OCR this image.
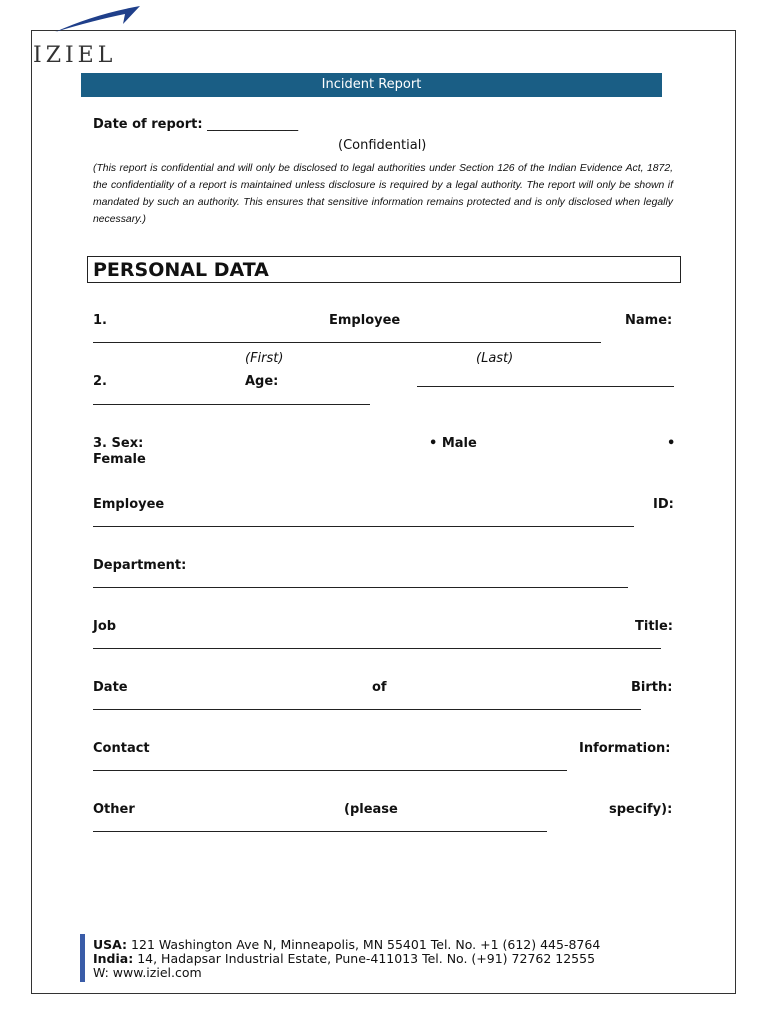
IZIEL
Incident Report
Date of report: ______________
(Confidential)
(This report is confidential and will only be disclosed to legal authorities under Section 126 of the Indian Evidence Act, 1872, the confidentiality of a report is maintained unless disclosure is required by a legal authority. The report will only be shown if mandated by such an authority. This ensures that sensitive information remains protected and is only disclosed when legally necessary.)
PERSONAL DATA
1.	Employee	Name:
(First)	(Last)
2.	Age:
3. Sex:	• Male	•
Female
Employee	ID:
Department:
Job	Title:
Date	of	Birth:
Contact	Information:
Other	(please	specify):
USA: 121 Washington Ave N, Minneapolis, MN 55401 Tel. No. +1 (612) 445-8764
India: 14, Hadapsar Industrial Estate, Pune-411013 Tel. No. (+91) 72762 12555
W: www.iziel.com
